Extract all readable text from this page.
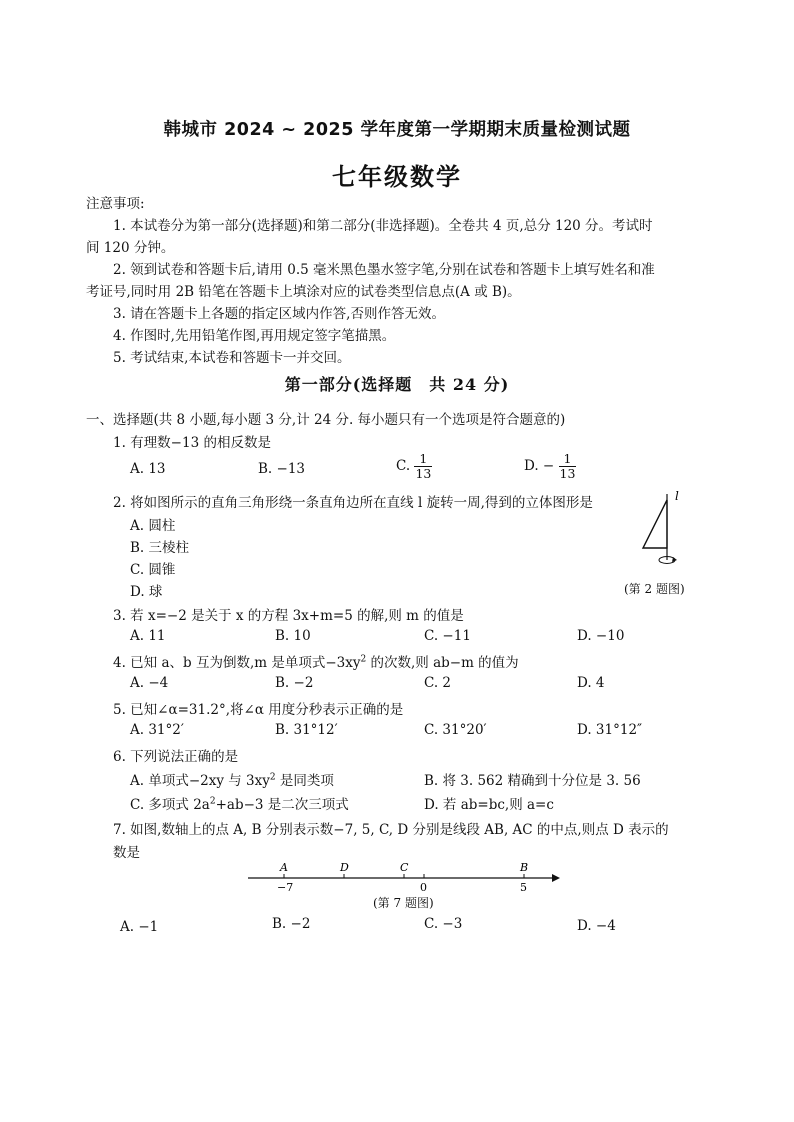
韩城市 2024 ~ 2025 学年度第一学期期末质量检测试题
七年级数学
注意事项:
1. 本试卷分为第一部分(选择题)和第二部分(非选择题)。全卷共 4 页,总分 120 分。考试时
间 120 分钟。
2. 领到试卷和答题卡后,请用 0.5 毫米黑色墨水签字笔,分别在试卷和答题卡上填写姓名和准
考证号,同时用 2B 铅笔在答题卡上填涂对应的试卷类型信息点(A 或 B)。
3. 请在答题卡上各题的指定区域内作答,否则作答无效。
4. 作图时,先用铅笔作图,再用规定签字笔描黑。
5. 考试结束,本试卷和答题卡一并交回。
第一部分(选择题　共 24 分)
一、选择题(共 8 小题,每小题 3 分,计 24 分. 每小题只有一个选项是符合题意的)
1. 有理数−13 的相反数是
A. 13	B. −13	C. $\frac{1}{13}$	D. − $\frac{1}{13}$
2. 将如图所示的直角三角形绕一条直角边所在直线 l 旋转一周,得到的立体图形是
A. 圆柱
B. 三棱柱
C. 圆锥
D. 球
l
(第 2 题图)
3. 若 x=−2 是关于 x 的方程 3x+m=5 的解,则 m 的值是
A. 11	B. 10	C. −11	D. −10
4. 已知 a、b 互为倒数,m 是单项式$-3xy^2$ 的次数,则 ab−m 的值为
A. −4	B. −2	C. 2	D. 4
5. 已知∠α=31.2°,将∠α 用度分秒表示正确的是
A. 31°2′	B. 31°12′	C. 31°20′	D. 31°12″
6. 下列说法正确的是
A. 单项式−2xy 与 $3xy^2$ 是同类项	B. 将 3. 562 精确到十分位是 3. 56
C. 多项式 $2a^2+ab-3$ 是二次三项式	D. 若 ab=bc,则 a=c
7. 如图,数轴上的点 A, B 分别表示数−7, 5, C, D 分别是线段 AB, AC 的中点,则点 D 表示的
数是
A	D	C	B
−7	0	5
(第 7 题图)
A. −1	B. −2	C. −3	D. −4
